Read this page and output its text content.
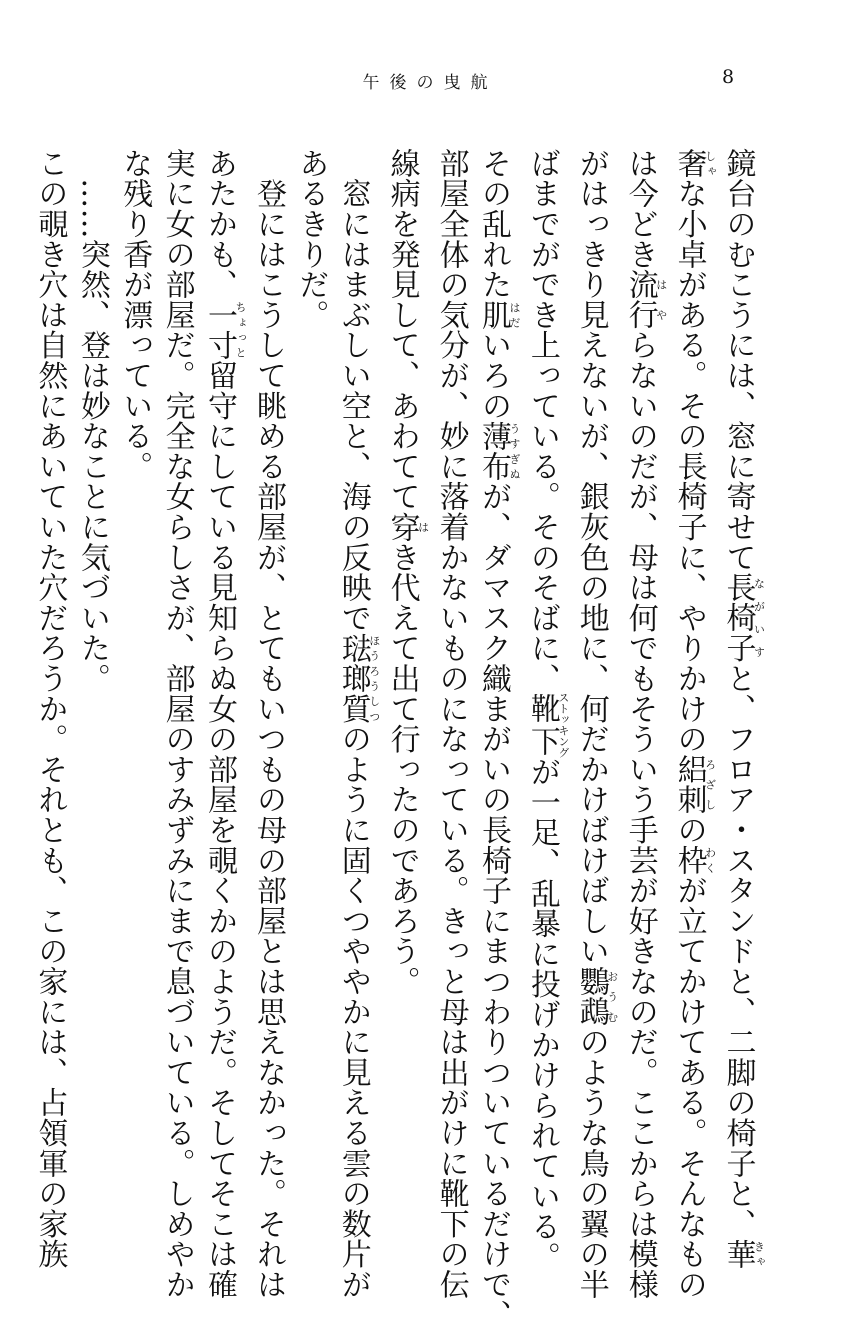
午後の曳航	8

鏡台のむこうには、窓に寄せて長椅子ながいすと、フロア・スタンドと、二脚の椅子と、華きゃ

奢しゃな小卓がある。その長椅子に、やりかけの絽刺ろざしの枠わくが立てかけてある。そんなもの

は今どき流行はやらないのだが、母は何でもそういう手芸が好きなのだ。ここからは模様

がはっきり見えないが、銀灰色の地に、何だかけばけばしい鸚鵡おうむのような鳥の翼の半

ばまでができ上っている。そのそばに、靴下ストッキングが一足、乱暴に投げかけられている。

その乱れた肌はだいろの薄布うすぎぬが、ダマスク織まがいの長椅子にまつわりついているだけで、

部屋全体の気分が、妙に落着かないものになっている。きっと母は出がけに靴下の伝

線病を発見して、あわてて穿はき代えて出て行ったのであろう。

　窓にはまぶしい空と、海の反映で琺瑯質ほうろうしつのように固くつややかに見える雲の数片が

あるきりだ。

　登にはこうして眺める部屋が、とてもいつもの母の部屋とは思えなかった。それは

あたかも、一寸ちょっと留守にしている見知らぬ女の部屋を覗くかのようだ。そしてそこは確

実に女の部屋だ。完全な女らしさが、部屋のすみずみにまで息づいている。しめやか

な残り香が漂っている。

　……突然、登は妙なことに気づいた。

この覗き穴は自然にあいていた穴だろうか。それとも、この家には、占領軍の家族
